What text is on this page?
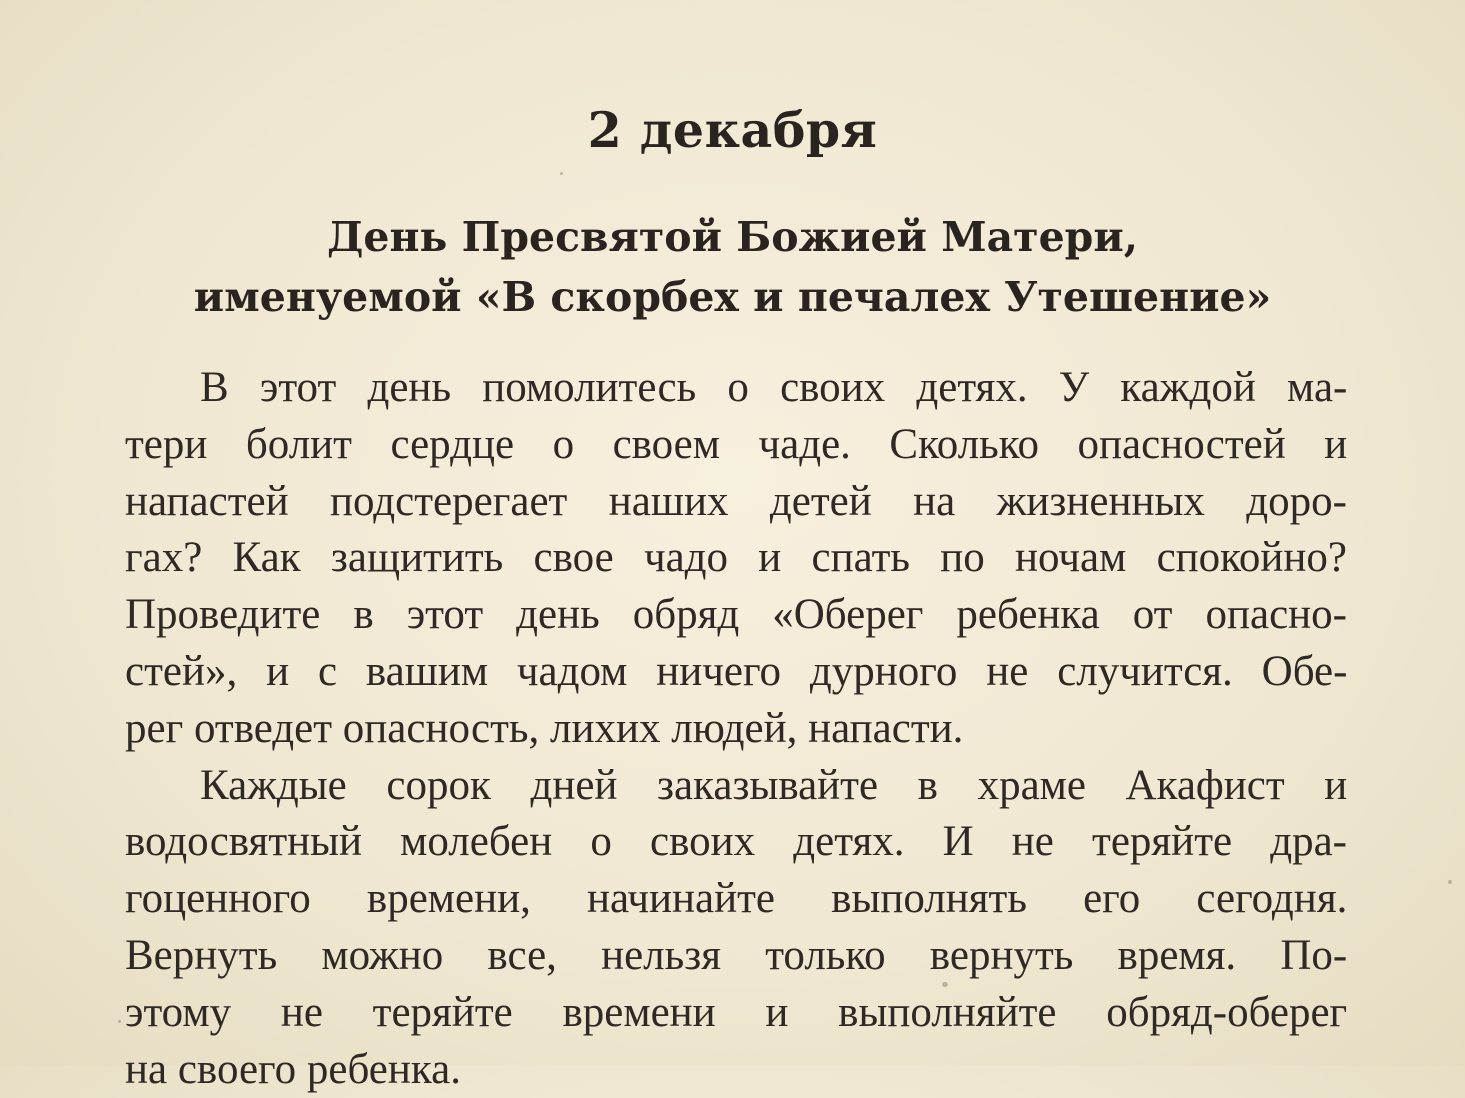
2 декабря
День Пресвятой Божией Матери,
именуемой «В скорбех и печалех Утешение»
В этот день помолитесь о своих детях. У каждой ма-
тери болит сердце о своем чаде. Сколько опасностей и
напастей подстерегает наших детей на жизненных доро-
гах? Как защитить свое чадо и спать по ночам спокойно?
Проведите в этот день обряд «Оберег ребенка от опасно-
стей», и с вашим чадом ничего дурного не случится. Обе-
рег отведет опасность, лихих людей, напасти.
Каждые сорок дней заказывайте в храме Акафист и
водосвятный молебен о своих детях. И не теряйте дра-
гоценного времени, начинайте выполнять его сегодня.
Вернуть можно все, нельзя только вернуть время. По-
этому не теряйте времени и выполняйте обряд-оберег
на своего ребенка.
